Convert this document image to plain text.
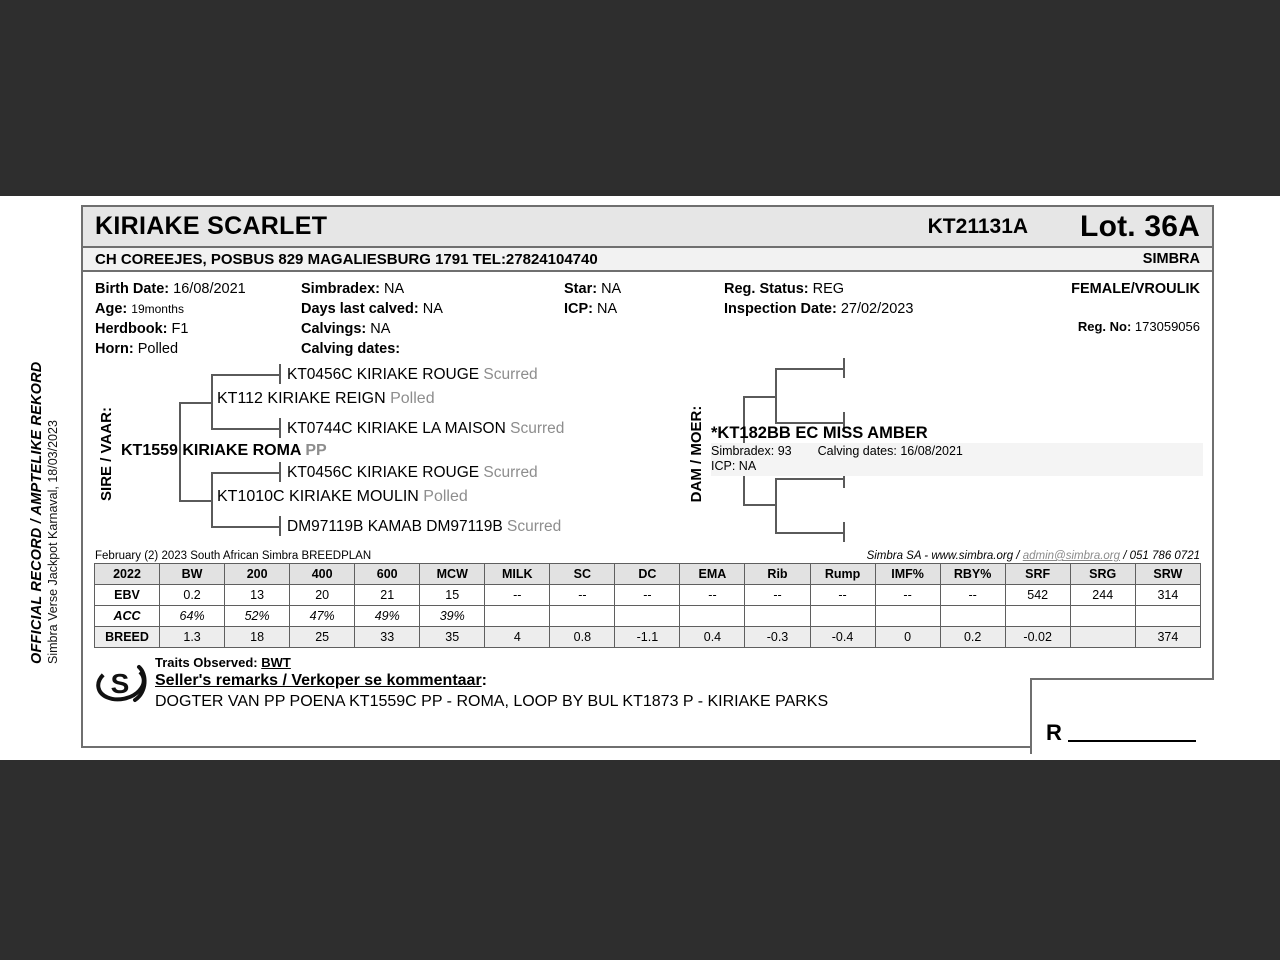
OFFICIAL RECORD / AMPTELIKE REKORD Simbra Verse Jackpot Karnaval, 18/03/2023
KIRIAKE SCARLET	KT21131A Lot. 36A
CH COREEJES, POSBUS 829 MAGALIESBURG 1791 TEL:27824104740	SIMBRA
Birth Date: 16/08/2021
Age: 19months
Herdbook: F1
Horn: Polled
Simbradex: NA
Days last calved: NA
Calvings: NA
Calving dates:
Star: NA
ICP: NA
Reg. Status: REG
Inspection Date: 27/02/2023
FEMALE/VROULIK
Reg. No: 173059056
SIRE / VAAR:
KT0456C KIRIAKE ROUGE Scurred
KT112 KIRIAKE REIGN Polled
KT0744C KIRIAKE LA MAISON Scurred
KT1559 KIRIAKE ROMA PP
KT0456C KIRIAKE ROUGE Scurred
KT1010C KIRIAKE MOULIN Polled
DM97119B KAMAB DM97119B Scurred
DAM / MOER: *KT182BB EC MISS AMBER
Simbradex: 93 Calving dates: 16/08/2021
ICP: NA
February (2) 2023 South African Simbra BREEDPLAN	Simbra SA - www.simbra.org / admin@simbra.org / 051 786 0721
2022	BW	200	400	600	MCW	MILK	SC	DC	EMA	Rib	Rump	IMF%	RBY%	SRF	SRG	SRW
EBV	0.2	13	20	21	15	--	--	--	--	--	--	--	--	542	244	314
ACC	64%	52%	47%	49%	39%											
BREED	1.3	18	25	33	35	4	0.8	-1.1	0.4	-0.3	-0.4	0	0.2	-0.02		374
S
Traits Observed: BWT
Seller's remarks / Verkoper se kommentaar:
DOGTER VAN PP POENA KT1559C PP - ROMA, LOOP BY BUL KT1873 P - KIRIAKE PARKS
R
